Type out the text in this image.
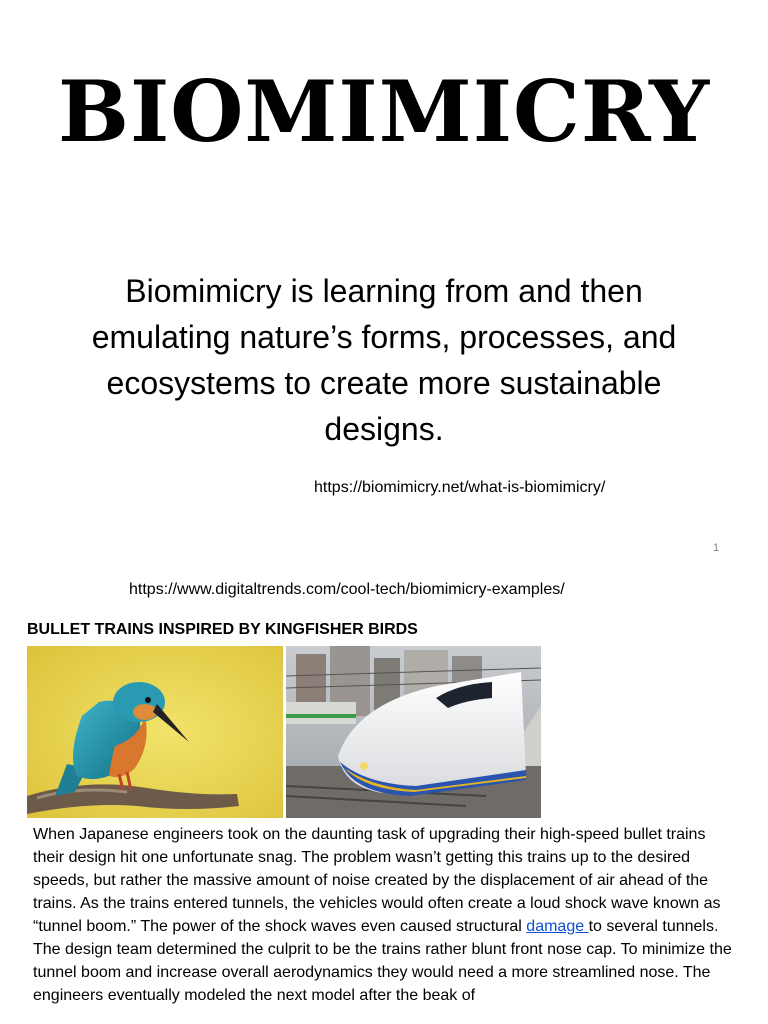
BIOMIMICRY
Biomimicry is learning from and then emulating nature’s forms, processes, and ecosystems to create more sustainable designs.
https://biomimicry.net/what-is-biomimicry/
1
https://www.digitaltrends.com/cool-tech/biomimicry-examples/
BULLET TRAINS INSPIRED BY KINGFISHER BIRDS

When Japanese engineers took on the daunting task of upgrading their high-speed bullet trains their design hit one unfortunate snag. The problem wasn’t getting this trains up to the desired speeds, but rather the massive amount of noise created by the displacement of air ahead of the trains. As the trains entered tunnels, the vehicles would often create a loud shock wave known as “tunnel boom.” The power of the shock waves even caused structural damage to several tunnels.

The design team determined the culprit to be the trains rather blunt front nose cap. To minimize the tunnel boom and increase overall aerodynamics they would need a more streamlined nose. The engineers eventually modeled the next model after the beak of
